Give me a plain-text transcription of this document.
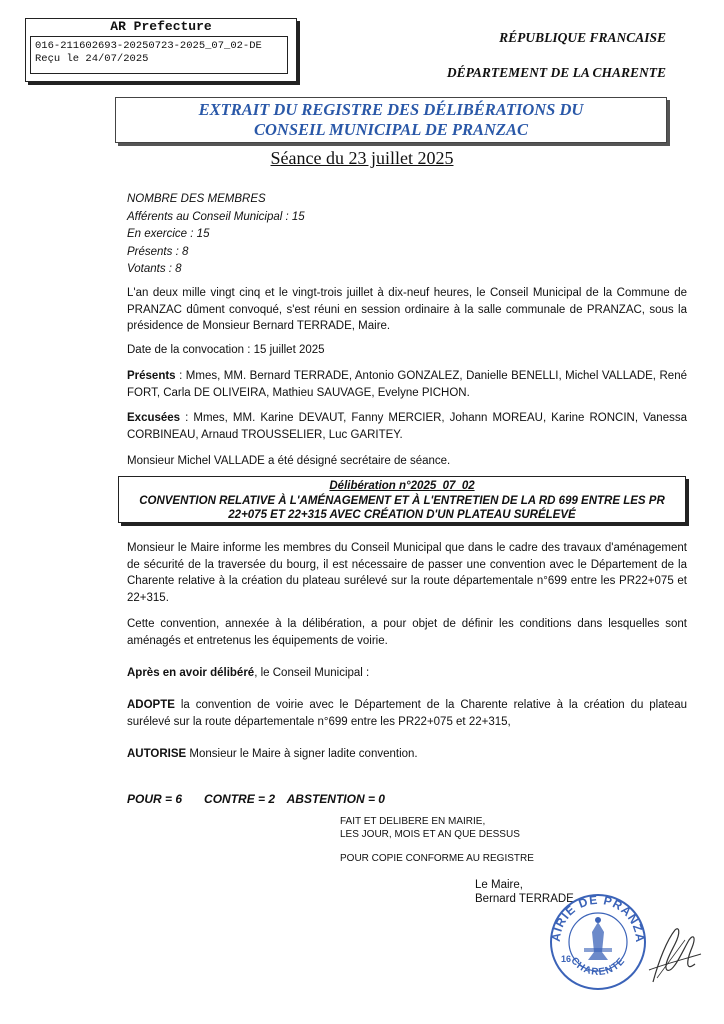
AR Prefecture
016-211602693-20250723-2025_07_02-DE
Reçu le 24/07/2025
RÉPUBLIQUE FRANCAISE
DÉPARTEMENT DE LA CHARENTE
EXTRAIT DU REGISTRE DES DÉLIBÉRATIONS DU
CONSEIL MUNICIPAL DE PRANZAC
Séance du 23 juillet 2025
NOMBRE DES MEMBRES
Afférents au Conseil Municipal : 15
En exercice : 15
Présents : 8
Votants : 8
L'an deux mille vingt cinq et le vingt-trois juillet à dix-neuf heures, le Conseil Municipal de la Commune de PRANZAC dûment convoqué, s'est réuni en session ordinaire à la salle communale de PRANZAC, sous la présidence de Monsieur Bernard TERRADE, Maire.
Date de la convocation : 15 juillet 2025
Présents : Mmes, MM. Bernard TERRADE, Antonio GONZALEZ, Danielle BENELLI, Michel VALLADE, René FORT, Carla DE OLIVEIRA, Mathieu SAUVAGE, Evelyne PICHON.
Excusées : Mmes, MM. Karine DEVAUT, Fanny MERCIER, Johann MOREAU, Karine RONCIN, Vanessa CORBINEAU, Arnaud TROUSSELIER, Luc GARITEY.
Monsieur Michel VALLADE a été désigné secrétaire de séance.
Délibération n°2025_07_02
CONVENTION RELATIVE À L'AMÉNAGEMENT ET À L'ENTRETIEN DE LA RD 699 ENTRE LES PR
22+075 ET 22+315 AVEC CRÉATION D'UN PLATEAU SURÉLEVÉ
Monsieur le Maire informe les membres du Conseil Municipal que dans le cadre des travaux d'aménagement de sécurité de la traversée du bourg, il est nécessaire de passer une convention avec le Département de la Charente relative à la création du plateau surélevé sur la route départementale n°699 entre les PR22+075 et 22+315.
Cette convention, annexée à la délibération, a pour objet de définir les conditions dans lesquelles sont aménagés et entretenus les équipements de voirie.
Après en avoir délibéré, le Conseil Municipal :
ADOPTE la convention de voirie avec le Département de la Charente relative à la création du plateau surélevé sur la route départementale n°699 entre les PR22+075 et 22+315,
AUTORISE Monsieur le Maire à signer ladite convention.
POUR = 6 CONTRE = 2 ABSTENTION = 0
FAIT ET DELIBERE EN MAIRIE,
LES JOUR, MOIS ET AN QUE DESSUS
POUR COPIE CONFORME AU REGISTRE
Le Maire,
Bernard TERRADE
AIRIE DE PRANZA
CHARENTE
16
